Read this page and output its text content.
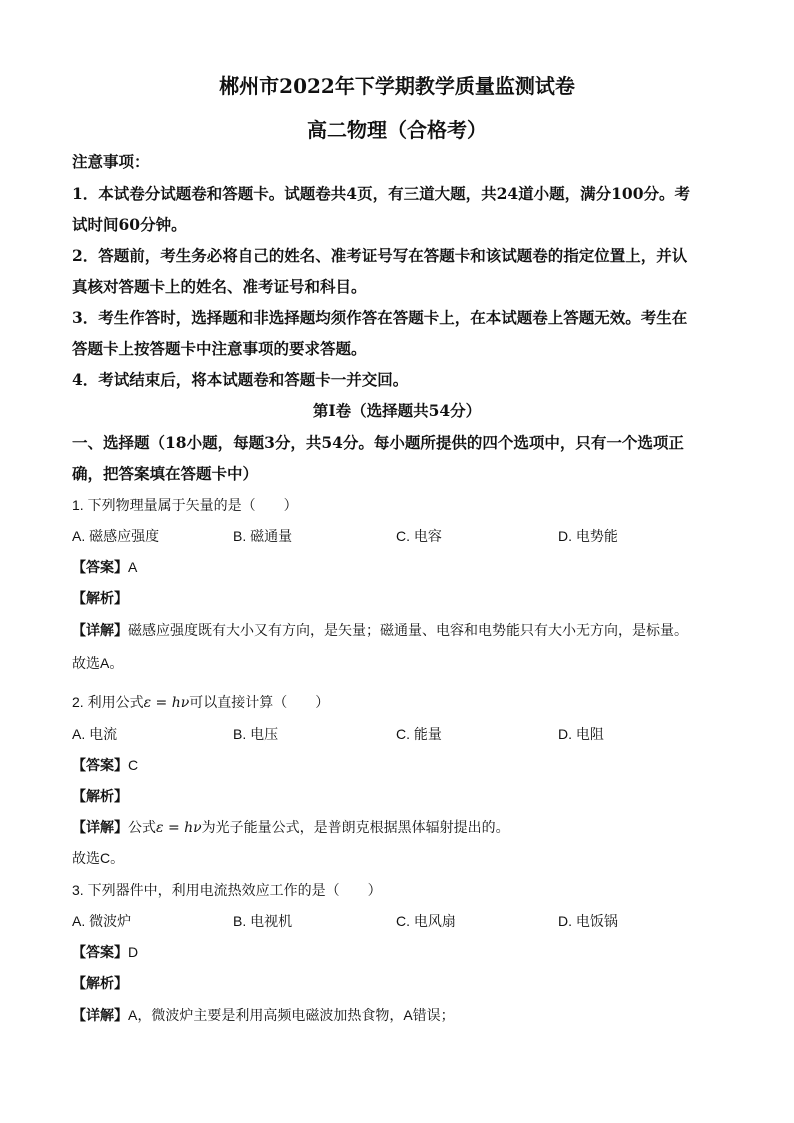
郴州市2022年下学期教学质量监测试卷
高二物理（合格考）
注意事项：
1．本试卷分试题卷和答题卡。试题卷共4页，有三道大题，共24道小题，满分100分。考
试时间60分钟。
2．答题前，考生务必将自己的姓名、准考证号写在答题卡和该试题卷的指定位置上，并认
真核对答题卡上的姓名、准考证号和科目。
3．考生作答时，选择题和非选择题均须作答在答题卡上，在本试题卷上答题无效。考生在
答题卡上按答题卡中注意事项的要求答题。
4．考试结束后，将本试题卷和答题卡一并交回。
第Ⅰ卷（选择题共54分）
一、选择题（18小题，每题3分，共54分。每小题所提供的四个选项中，只有一个选项正
确，把答案填在答题卡中）
1. 下列物理量属于矢量的是（　　）
A. 磁感应强度	B. 磁通量	C. 电容	D. 电势能
【答案】A
【解析】
【详解】磁感应强度既有大小又有方向，是矢量；磁通量、电容和电势能只有大小无方向，是标量。
故选A。
2. 利用公式ε = hν可以直接计算（　　）
A. 电流	B. 电压	C. 能量	D. 电阻
【答案】C
【解析】
【详解】公式ε = hν为光子能量公式，是普朗克根据黑体辐射提出的。
故选C。
3. 下列器件中，利用电流热效应工作的是（　　）
A. 微波炉	B. 电视机	C. 电风扇	D. 电饭锅
【答案】D
【解析】
【详解】A，微波炉主要是利用高频电磁波加热食物，A错误；
